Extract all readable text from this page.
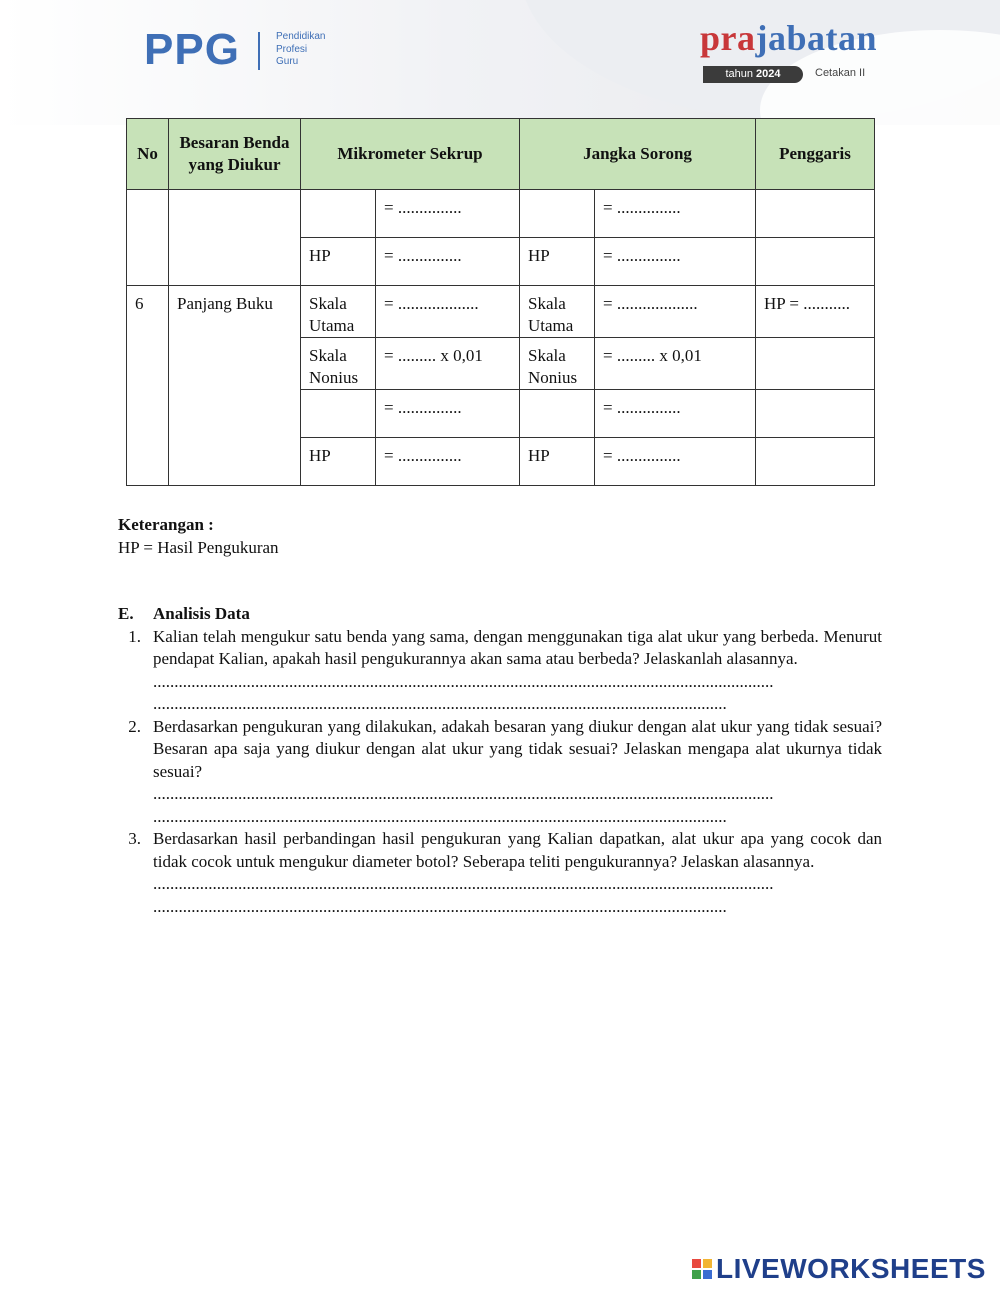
PPG	Pendidikan
Profesi
Guru
prajabatan
tahun 2024	Cetakan II
No	Besaran Benda yang Diukur	Mikrometer Sekrup		Jangka Sorong		Penggaris
			= ...............		= ...............	
		HP	= ...............	HP	= ...............	
6	Panjang Buku	Skala Utama	= ...................	Skala Utama	= ...................	HP = ...........
		Skala Nonius	= ......... x 0,01	Skala Nonius	= ......... x 0,01	
			= ...............		= ...............	
		HP	= ...............	HP	= ...............	
Keterangan :
HP = Hasil Pengukuran
E. Analisis Data
1. Kalian telah mengukur satu benda yang sama, dengan menggunakan tiga alat ukur yang berbeda. Menurut pendapat Kalian, apakah hasil pengukurannya akan sama atau berbeda? Jelaskanlah alasannya.
..................................................................................................................................................
.......................................................................................................................................
2. Berdasarkan pengukuran yang dilakukan, adakah besaran yang diukur dengan alat ukur yang tidak sesuai? Besaran apa saja yang diukur dengan alat ukur yang tidak sesuai? Jelaskan mengapa alat ukurnya tidak sesuai?
..................................................................................................................................................
.......................................................................................................................................
3. Berdasarkan hasil perbandingan hasil pengukuran yang Kalian dapatkan, alat ukur apa yang cocok dan tidak cocok untuk mengukur diameter botol? Seberapa teliti pengukurannya? Jelaskan alasannya.
..................................................................................................................................................
.......................................................................................................................................
LIVEWORKSHEETS
